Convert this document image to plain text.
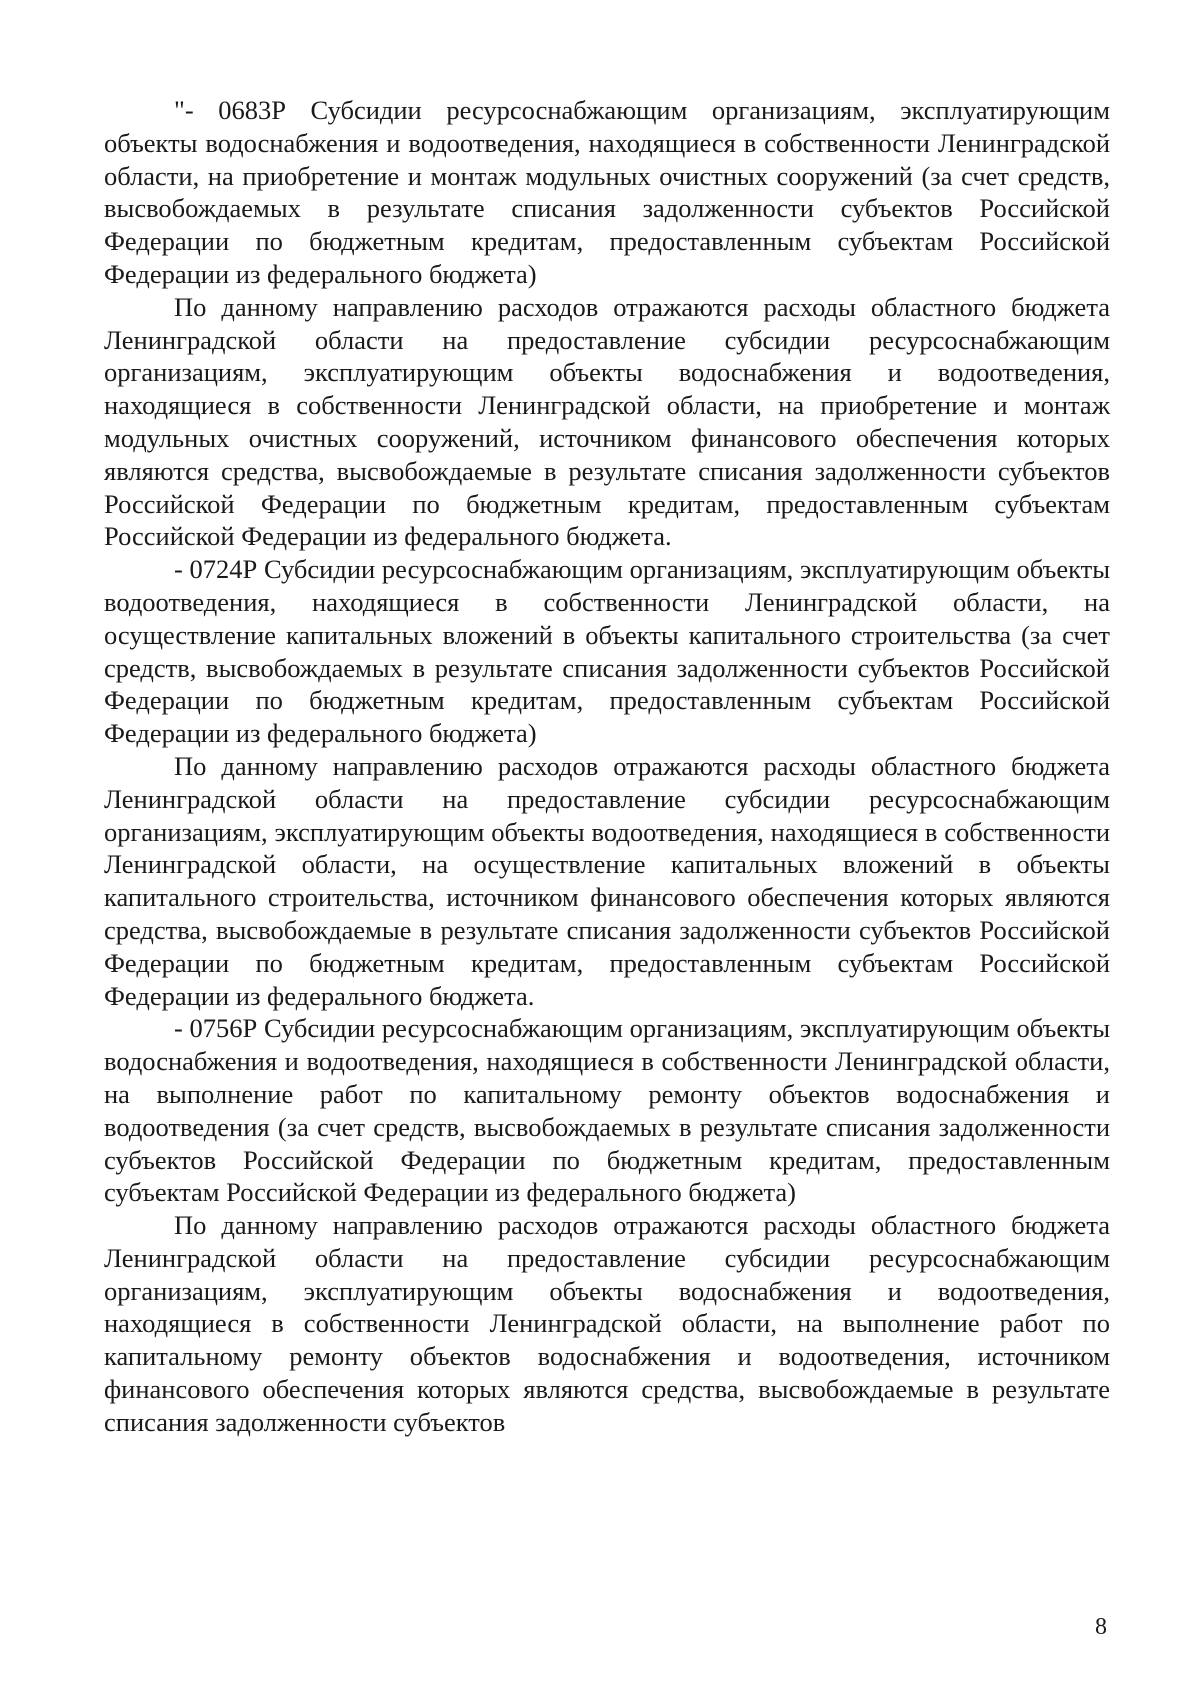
"- 0683Р Субсидии ресурсоснабжающим организациям, эксплуатирующим объекты водоснабжения и водоотведения, находящиеся в собственности Ленинградской области, на приобретение и монтаж модульных очистных сооружений (за счет средств, высвобождаемых в результате списания задолженности субъектов Российской Федерации по бюджетным кредитам, предоставленным субъектам Российской Федерации из федерального бюджета)

По данному направлению расходов отражаются расходы областного бюджета Ленинградской области на предоставление субсидии ресурсоснабжающим организациям, эксплуатирующим объекты водоснабжения и водоотведения, находящиеся в собственности Ленинградской области, на приобретение и монтаж модульных очистных сооружений, источником финансового обеспечения которых являются средства, высвобождаемые в результате списания задолженности субъектов Российской Федерации по бюджетным кредитам, предоставленным субъектам Российской Федерации из федерального бюджета.

- 0724Р Субсидии ресурсоснабжающим организациям, эксплуатирующим объекты водоотведения, находящиеся в собственности Ленинградской области, на осуществление капитальных вложений в объекты капитального строительства (за счет средств, высвобождаемых в результате списания задолженности субъектов Российской Федерации по бюджетным кредитам, предоставленным субъектам Российской Федерации из федерального бюджета)

По данному направлению расходов отражаются расходы областного бюджета Ленинградской области на предоставление субсидии ресурсоснабжающим организациям, эксплуатирующим объекты водоотведения, находящиеся в собственности Ленинградской области, на осуществление капитальных вложений в объекты капитального строительства, источником финансового обеспечения которых являются средства, высвобождаемые в результате списания задолженности субъектов Российской Федерации по бюджетным кредитам, предоставленным субъектам Российской Федерации из федерального бюджета.

- 0756Р Субсидии ресурсоснабжающим организациям, эксплуатирующим объекты водоснабжения и водоотведения, находящиеся в собственности Ленинградской области, на выполнение работ по капитальному ремонту объектов водоснабжения и водоотведения (за счет средств, высвобождаемых в результате списания задолженности субъектов Российской Федерации по бюджетным кредитам, предоставленным субъектам Российской Федерации из федерального бюджета)

По данному направлению расходов отражаются расходы областного бюджета Ленинградской области на предоставление субсидии ресурсоснабжающим организациям, эксплуатирующим объекты водоснабжения и водоотведения, находящиеся в собственности Ленинградской области, на выполнение работ по капитальному ремонту объектов водоснабжения и водоотведения, источником финансового обеспечения которых являются средства, высвобождаемые в результате списания задолженности субъектов

8
